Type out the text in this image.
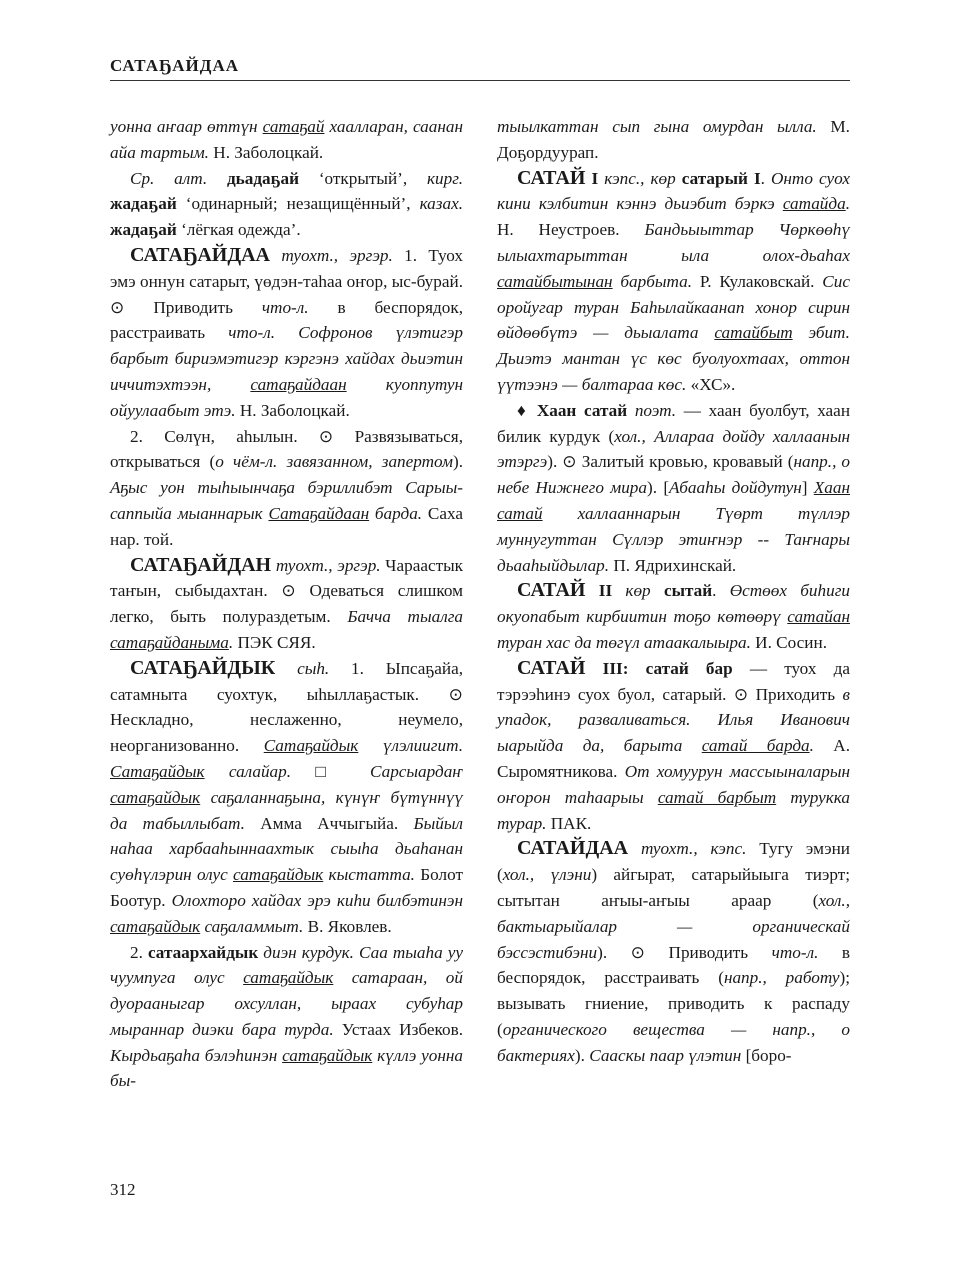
САТАҔАЙДАА

уонна аҥаар өттүн сатаҕай хаалларан, саанан айа тартым. Н. Заболоцкай.

Ср. алт. дьадаҕай ‘открытый’, кирг. жадаҕай ‘одинарный; незащищённый’, казах. жадаҕай ‘лёгкая одежда’.

САТАҔАЙДАА туохт., эргэр. 1. Туох эмэ оннун сатарыт, үөдэн-таһаа оҥор, ыс-бурай. ⊙ Приводить что-л. в беспорядок, расстраивать что-л. Софронов үлэтигэр барбыт бириэмэтигэр кэргэнэ хайдах дьиэтин иччитэхтээн, сатаҕайдаан куоппутун ойуулаабыт этэ. Н. Заболоцкай.

2. Сөлүн, аһылын. ⊙ Развязываться, открываться (о чём-л. завязанном, запертом). Аҕыс уон тыһыынчаҕа бэриллибэт Сарыы-саппыйа мыаннарык Сатаҕайдаан барда. Саха нар. той.

САТАҔАЙДАН туохт., эргэр. Чараастык таҥын, сыбыдахтан. ⊙ Одеваться слишком легко, быть полураздетым. Бачча тыалга сатаҕайданыма. ПЭК СЯЯ.

САТАҔАЙДЫК сыһ. 1. Ыпсаҕайа, сатамныта суохтук, ыһыллаҕастык. ⊙ Нескладно, неслаженно, неумело, неорганизованно. Сатаҕайдык үлэлиигит. Сатаҕайдык салайар. □ Сарсыардаҥ сатаҕайдык саҕаланнаҕына, күнүҥ бүтүннүү да табыллыбат. Амма Аччыгыйа. Быйыл наһаа харбааһыннаахтык сыыһа дьаһанан суөһүлэрин олус сатаҕайдык кыстатта. Болот Боотур. Олохторо хайдах эрэ киһи билбэтинэн сатаҕайдык саҕаламмыт. В. Яковлев.

2. сатаархайдык диэн курдук. Саа тыаһа уу чуумпуга олус сатаҕайдык сатараан, ой дуорааныгар охсуллан, ыраах субуһар мыраннар диэки бара турда. Устаах Избеков. Кырдьаҕаһа бэлэһинэн сатаҕайдык күллэ уонна бы-

тыылкаттан сып гына омурдан ылла. М. Доҕордуурап.

САТАЙ I кэпс., көр сатарый I. Онто суох кини кэлбитин кэннэ дьиэбит бэркэ сатайда. Н. Неустроев. Бандьыыттар Чөркөөһү ылыахтарыттан ыла олох-дьаһах сатайбытынан барбыта. Р. Кулаковскай. Сис оройугар туран Баһылайкаанап хонор сирин өйдөөбүтэ — дьыалата сатайбыт эбит. Дьиэтэ мантан үс көс буолуохтаах, оттон үүтээнэ — балтараа көс. «ХС».

♦ Хаан сатай поэт. — хаан буолбут, хаан билик курдук (хол., Аллараа дойду халлаанын этэргэ). ⊙ Залитый кровью, кровавый (напр., о небе Нижнего мира). [Абааһы дойдутун] Хаан сатай халлааннарын Түөрт түллэр муннугуттан Сүллэр этиҥнэр -- Таҥнары дьааһыйдылар. П. Ядрихинскай.

САТАЙ II көр сытай. Өстөөх биһиги окуопабыт кирбиитин тоҕо көтөөрү сатайан туран хас да төгүл атаакалыыра. И. Сосин.

САТАЙ III: сатай бар — туох да тэрээһинэ суох буол, сатарый. ⊙ Приходить в упадок, разваливаться. Илья Иванович ыарыйда да, барыта сатай барда. А. Сыромятникова. От хомуурун массыыналарын оҥорон таһаарыы сатай барбыт турукка турар. ПАК.

САТАЙДАА туохт., кэпс. Тугу эмэни (хол., үлэни) айгырат, сатарыйыыга тиэрт; сытытан аҥыы-аҥыы араар (хол., бактыарыйалар — органическай бэссэстибэни). ⊙ Приводить что-л. в беспорядок, расстраивать (напр., работу); вызывать гниение, приводить к распаду (органического вещества — напр., о бактериях). Сааскы паар үлэтин [боро-

312
